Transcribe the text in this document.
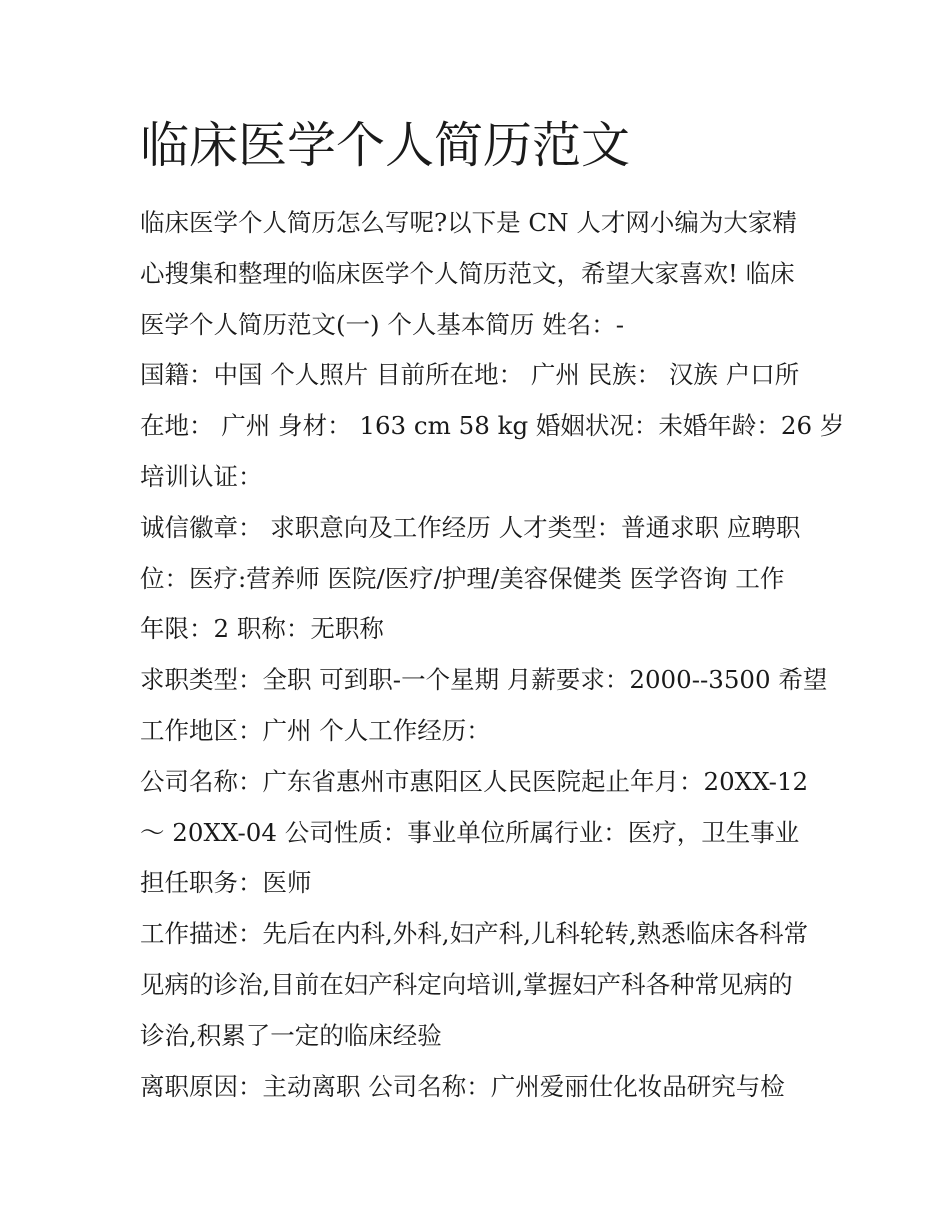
临床医学个人简历范文
临床医学个人简历怎么写呢?以下是 CN 人才网小编为大家精
心搜集和整理的临床医学个人简历范文，希望大家喜欢! 临床
医学个人简历范文(一) 个人基本简历 姓名：-
国籍：中国 个人照片 目前所在地： 广州 民族： 汉族 户口所
在地： 广州 身材： 163 cm 58 kg 婚姻状况：未婚年龄：26 岁
培训认证：
诚信徽章： 求职意向及工作经历 人才类型：普通求职 应聘职
位：医疗:营养师 医院/医疗/护理/美容保健类 医学咨询 工作
年限：2 职称：无职称
求职类型：全职 可到职-一个星期 月薪要求：2000--3500 希望
工作地区：广州 个人工作经历：
公司名称：广东省惠州市惠阳区人民医院起止年月：20XX-12
～ 20XX-04 公司性质：事业单位所属行业：医疗，卫生事业
担任职务：医师
工作描述：先后在内科,外科,妇产科,儿科轮转,熟悉临床各科常
见病的诊治,目前在妇产科定向培训,掌握妇产科各种常见病的
诊治,积累了一定的临床经验
离职原因：主动离职 公司名称：广州爱丽仕化妆品研究与检
